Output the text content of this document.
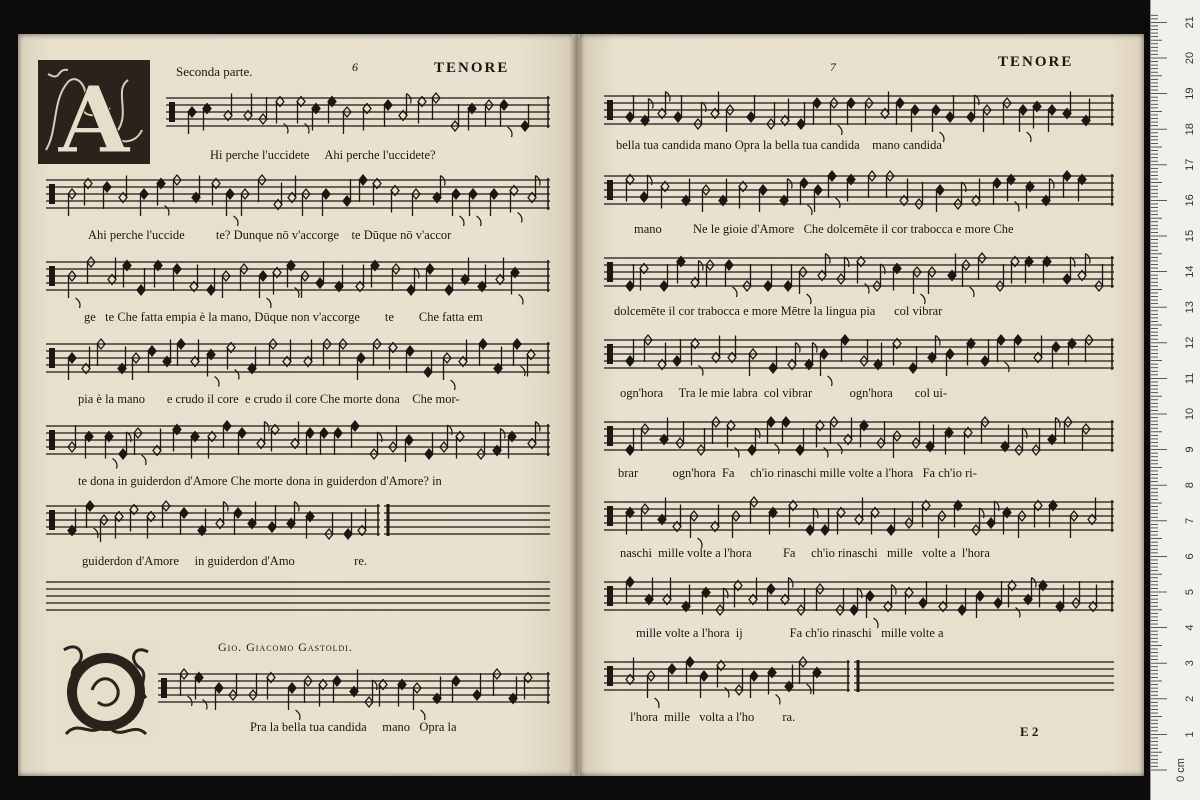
A	Seconda parte.	6	TENORE
Hi perche l'uccidete     Ahi perche l'uccidete?
Ahi perche l'uccide          te? Dunque nō v'accorge    te Dūque nō v'accor
ge   te Che fatta empia è la mano, Dūque non v'accorge        te        Che fatta em
pia è la mano       e crudo il core  e crudo il core Che morte dona    Che mor-
te dona in guiderdon d'Amore Che morte dona in guiderdon d'Amore? in
guiderdon d'Amore     in guiderdon d'Amo                   re.
Gio. Giacomo Gastoldi.
Pra la bella tua candida     mano   Opra la
7	TENORE
bella tua candida mano Opra la bella tua candida    mano candida
mano          Ne le gioie d'Amore   Che dolcemēte il cor trabocca e more Che
dolcemēte il cor trabocca e more Mētre la lingua pia      col vibrar
ogn'hora     Tra le mie labra  col vibrar            ogn'hora       col ui-
brar           ogn'hora  Fa     ch'io rinaschi mille volte a l'hora   Fa ch'io ri-
naschi  mille volte a l'hora          Fa     ch'io rinaschi   mille   volte a  l'hora
mille volte a l'hora  ij               Fa ch'io rinaschi   mille volte a
l'hora  mille   volta a l'ho         ra.
E 2	1
2
3
4
5
6
7
8
9
10
11
12
13
14
15
16
17
18
19
20
21
0 cm
